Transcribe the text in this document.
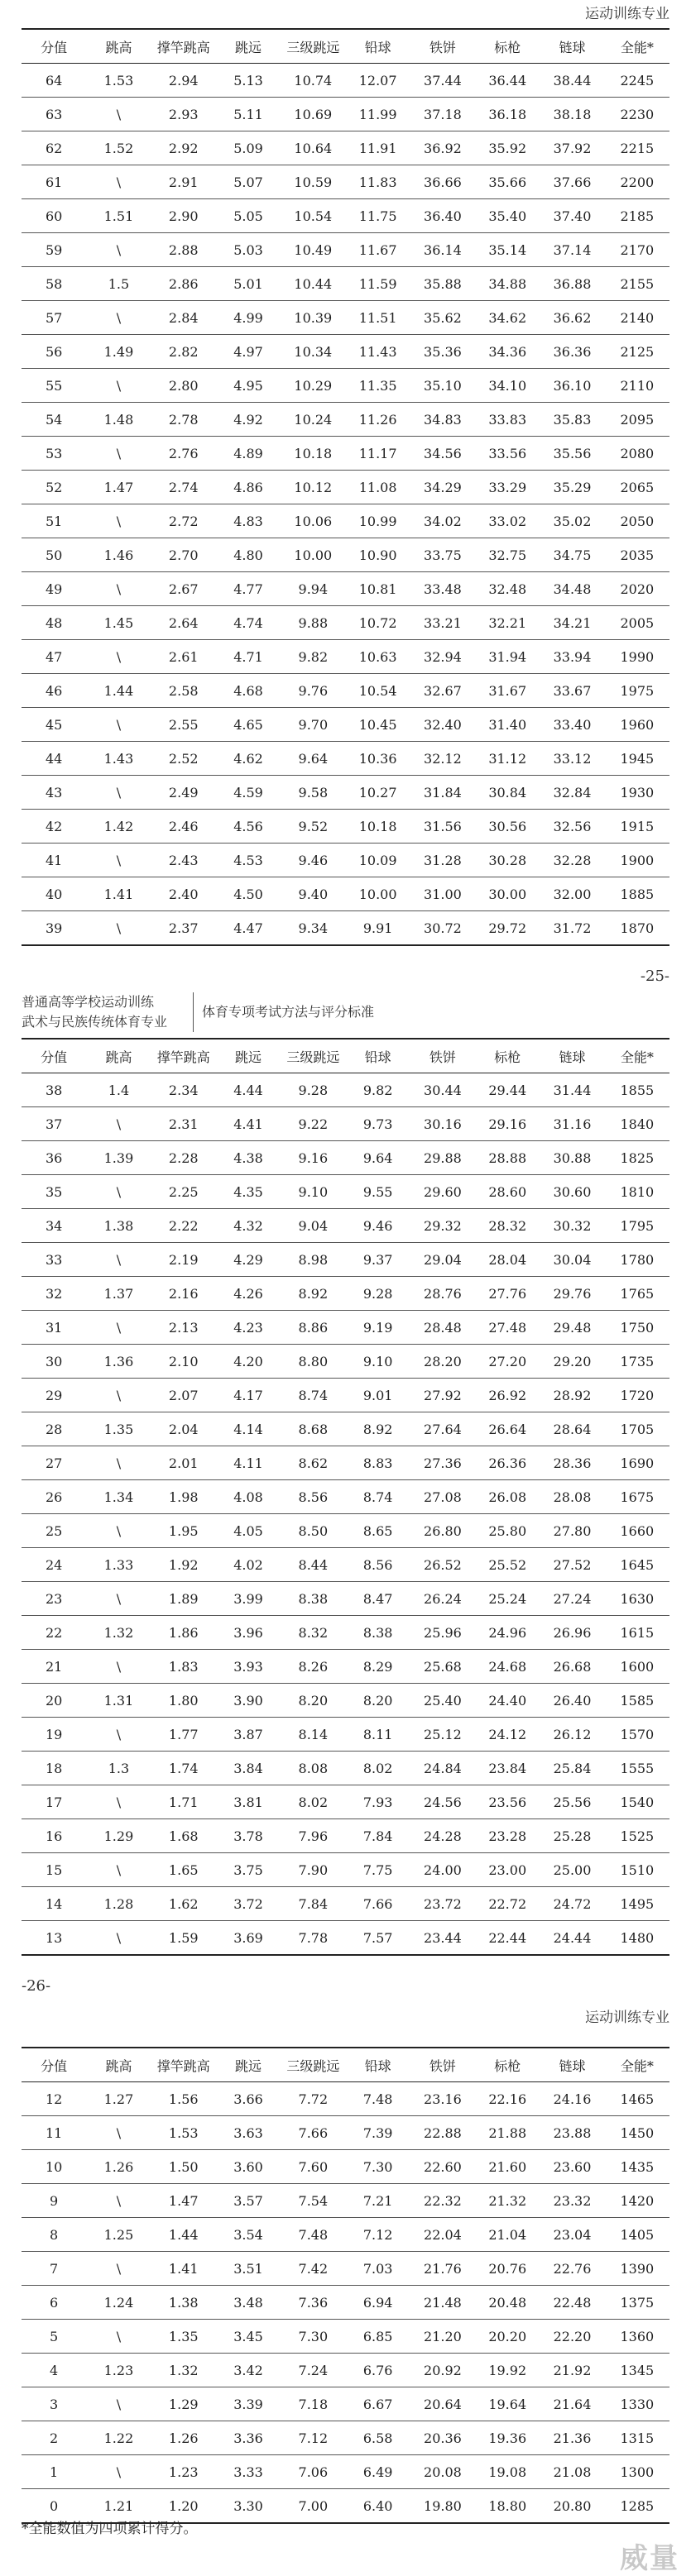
运动训练专业
分值	跳高	撑竿跳高	跳远	三级跳远	铅球	铁饼	标枪	链球	全能*
64	1.53	2.94	5.13	10.74	12.07	37.44	36.44	38.44	2245
63	\	2.93	5.11	10.69	11.99	37.18	36.18	38.18	2230
62	1.52	2.92	5.09	10.64	11.91	36.92	35.92	37.92	2215
61	\	2.91	5.07	10.59	11.83	36.66	35.66	37.66	2200
60	1.51	2.90	5.05	10.54	11.75	36.40	35.40	37.40	2185
59	\	2.88	5.03	10.49	11.67	36.14	35.14	37.14	2170
58	1.5	2.86	5.01	10.44	11.59	35.88	34.88	36.88	2155
57	\	2.84	4.99	10.39	11.51	35.62	34.62	36.62	2140
56	1.49	2.82	4.97	10.34	11.43	35.36	34.36	36.36	2125
55	\	2.80	4.95	10.29	11.35	35.10	34.10	36.10	2110
54	1.48	2.78	4.92	10.24	11.26	34.83	33.83	35.83	2095
53	\	2.76	4.89	10.18	11.17	34.56	33.56	35.56	2080
52	1.47	2.74	4.86	10.12	11.08	34.29	33.29	35.29	2065
51	\	2.72	4.83	10.06	10.99	34.02	33.02	35.02	2050
50	1.46	2.70	4.80	10.00	10.90	33.75	32.75	34.75	2035
49	\	2.67	4.77	9.94	10.81	33.48	32.48	34.48	2020
48	1.45	2.64	4.74	9.88	10.72	33.21	32.21	34.21	2005
47	\	2.61	4.71	9.82	10.63	32.94	31.94	33.94	1990
46	1.44	2.58	4.68	9.76	10.54	32.67	31.67	33.67	1975
45	\	2.55	4.65	9.70	10.45	32.40	31.40	33.40	1960
44	1.43	2.52	4.62	9.64	10.36	32.12	31.12	33.12	1945
43	\	2.49	4.59	9.58	10.27	31.84	30.84	32.84	1930
42	1.42	2.46	4.56	9.52	10.18	31.56	30.56	32.56	1915
41	\	2.43	4.53	9.46	10.09	31.28	30.28	32.28	1900
40	1.41	2.40	4.50	9.40	10.00	31.00	30.00	32.00	1885
39	\	2.37	4.47	9.34	9.91	30.72	29.72	31.72	1870
-25-
普通高等学校运动训练
武术与民族传统体育专业
体育专项考试方法与评分标准
分值	跳高	撑竿跳高	跳远	三级跳远	铅球	铁饼	标枪	链球	全能*
38	1.4	2.34	4.44	9.28	9.82	30.44	29.44	31.44	1855
37	\	2.31	4.41	9.22	9.73	30.16	29.16	31.16	1840
36	1.39	2.28	4.38	9.16	9.64	29.88	28.88	30.88	1825
35	\	2.25	4.35	9.10	9.55	29.60	28.60	30.60	1810
34	1.38	2.22	4.32	9.04	9.46	29.32	28.32	30.32	1795
33	\	2.19	4.29	8.98	9.37	29.04	28.04	30.04	1780
32	1.37	2.16	4.26	8.92	9.28	28.76	27.76	29.76	1765
31	\	2.13	4.23	8.86	9.19	28.48	27.48	29.48	1750
30	1.36	2.10	4.20	8.80	9.10	28.20	27.20	29.20	1735
29	\	2.07	4.17	8.74	9.01	27.92	26.92	28.92	1720
28	1.35	2.04	4.14	8.68	8.92	27.64	26.64	28.64	1705
27	\	2.01	4.11	8.62	8.83	27.36	26.36	28.36	1690
26	1.34	1.98	4.08	8.56	8.74	27.08	26.08	28.08	1675
25	\	1.95	4.05	8.50	8.65	26.80	25.80	27.80	1660
24	1.33	1.92	4.02	8.44	8.56	26.52	25.52	27.52	1645
23	\	1.89	3.99	8.38	8.47	26.24	25.24	27.24	1630
22	1.32	1.86	3.96	8.32	8.38	25.96	24.96	26.96	1615
21	\	1.83	3.93	8.26	8.29	25.68	24.68	26.68	1600
20	1.31	1.80	3.90	8.20	8.20	25.40	24.40	26.40	1585
19	\	1.77	3.87	8.14	8.11	25.12	24.12	26.12	1570
18	1.3	1.74	3.84	8.08	8.02	24.84	23.84	25.84	1555
17	\	1.71	3.81	8.02	7.93	24.56	23.56	25.56	1540
16	1.29	1.68	3.78	7.96	7.84	24.28	23.28	25.28	1525
15	\	1.65	3.75	7.90	7.75	24.00	23.00	25.00	1510
14	1.28	1.62	3.72	7.84	7.66	23.72	22.72	24.72	1495
13	\	1.59	3.69	7.78	7.57	23.44	22.44	24.44	1480
-26-
运动训练专业
分值	跳高	撑竿跳高	跳远	三级跳远	铅球	铁饼	标枪	链球	全能*
12	1.27	1.56	3.66	7.72	7.48	23.16	22.16	24.16	1465
11	\	1.53	3.63	7.66	7.39	22.88	21.88	23.88	1450
10	1.26	1.50	3.60	7.60	7.30	22.60	21.60	23.60	1435
9	\	1.47	3.57	7.54	7.21	22.32	21.32	23.32	1420
8	1.25	1.44	3.54	7.48	7.12	22.04	21.04	23.04	1405
7	\	1.41	3.51	7.42	7.03	21.76	20.76	22.76	1390
6	1.24	1.38	3.48	7.36	6.94	21.48	20.48	22.48	1375
5	\	1.35	3.45	7.30	6.85	21.20	20.20	22.20	1360
4	1.23	1.32	3.42	7.24	6.76	20.92	19.92	21.92	1345
3	\	1.29	3.39	7.18	6.67	20.64	19.64	21.64	1330
2	1.22	1.26	3.36	7.12	6.58	20.36	19.36	21.36	1315
1	\	1.23	3.33	7.06	6.49	20.08	19.08	21.08	1300
0	1.21	1.20	3.30	7.00	6.40	19.80	18.80	20.80	1285
*全能数值为四项累计得分。
威量
